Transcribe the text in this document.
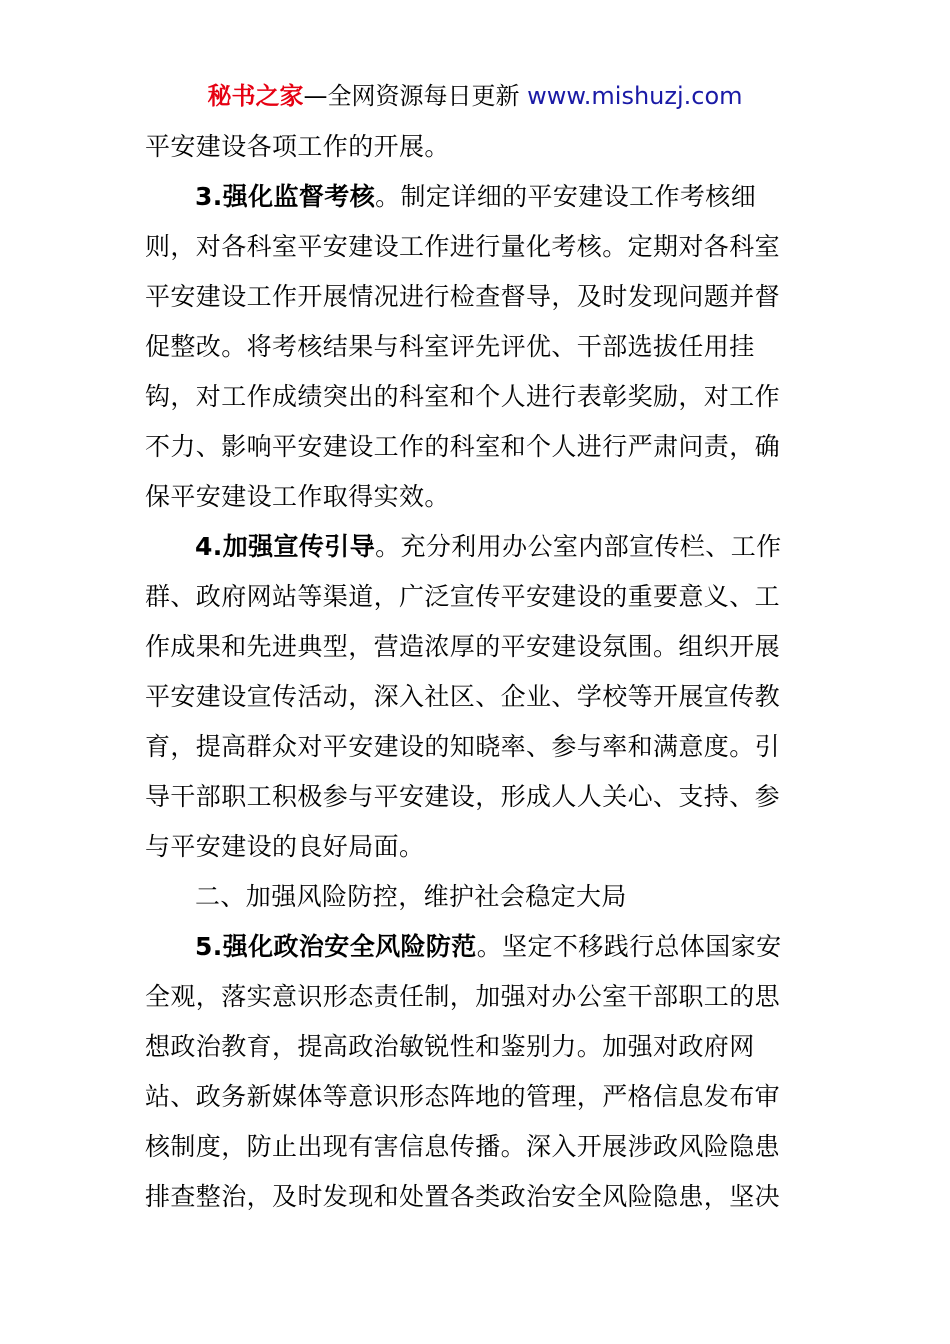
秘书之家—全网资源每日更新 www.mishuzj.com
平安建设各项工作的开展。
3.强化监督考核。制定详细的平安建设工作考核细
则，对各科室平安建设工作进行量化考核。定期对各科室
平安建设工作开展情况进行检查督导，及时发现问题并督
促整改。将考核结果与科室评先评优、干部选拔任用挂
钩，对工作成绩突出的科室和个人进行表彰奖励，对工作
不力、影响平安建设工作的科室和个人进行严肃问责，确
保平安建设工作取得实效。
4.加强宣传引导。充分利用办公室内部宣传栏、工作
群、政府网站等渠道，广泛宣传平安建设的重要意义、工
作成果和先进典型，营造浓厚的平安建设氛围。组织开展
平安建设宣传活动，深入社区、企业、学校等开展宣传教
育，提高群众对平安建设的知晓率、参与率和满意度。引
导干部职工积极参与平安建设，形成人人关心、支持、参
与平安建设的良好局面。
二、加强风险防控，维护社会稳定大局
5.强化政治安全风险防范。坚定不移践行总体国家安
全观，落实意识形态责任制，加强对办公室干部职工的思
想政治教育，提高政治敏锐性和鉴别力。加强对政府网
站、政务新媒体等意识形态阵地的管理，严格信息发布审
核制度，防止出现有害信息传播。深入开展涉政风险隐患
排查整治，及时发现和处置各类政治安全风险隐患，坚决
